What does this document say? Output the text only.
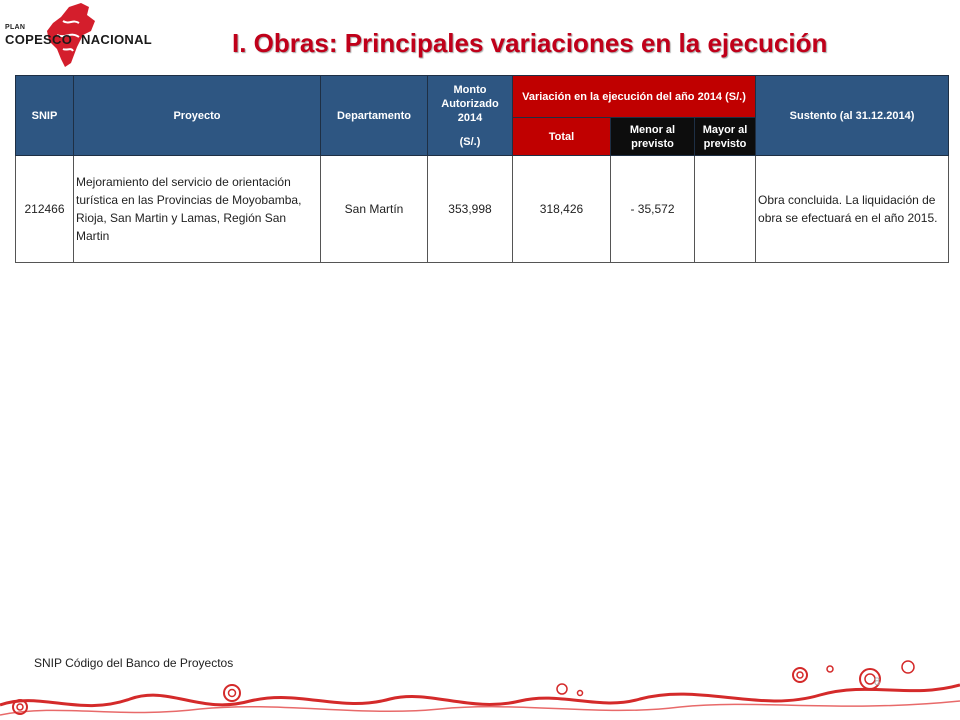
PLAN
COPESCO NACIONAL	I. Obras: Principales variaciones en la ejecución
SNIP	Proyecto	Departamento	Monto Autorizado 2014
(S/.)	Variación en la ejecución del año 2014 (S/.)			Sustento (al 31.12.2014)
				Total	Menor al previsto	Mayor al previsto	
212466	Mejoramiento del servicio de orientación turística en las Provincias de Moyobamba, Rioja, San Martin y Lamas, Región San Martin	San Martín	353,998	318,426	- 35,572		Obra concluida. La liquidación de obra se efectuará en el año 2015.
SNIP Código del Banco de Proyectos
8
